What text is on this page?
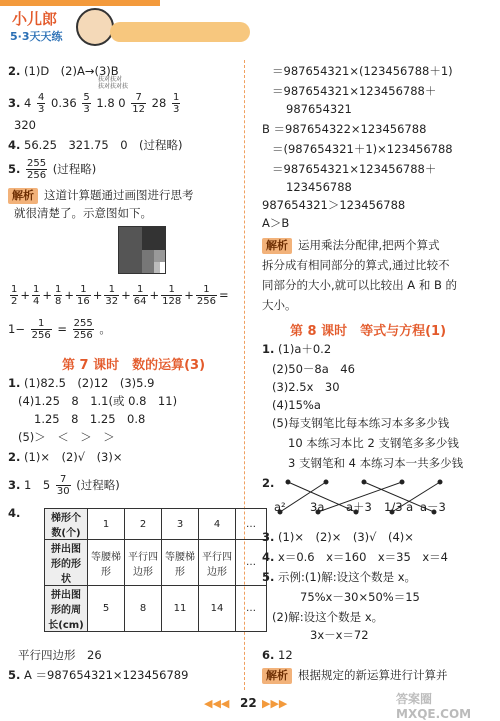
小儿郎
5·3天天练
2. (1)D　(2)A→(3)B
扶对扶对
扶对扶对扶
3. $4 \frac{4}{3} 0.36 \frac{5}{3} 1.8$ $0 \frac{7}{12} 28 \frac{1}{3}$
320
4. 56.25　321.75　0　(过程略)
5. $\frac{255}{256}$ (过程略)
解析 这道计算题通过画图进行思考
就很清楚了。示意图如下。
$\frac{1}{2} + \frac{1}{4} + \frac{1}{8} + \frac{1}{16} + \frac{1}{32} + \frac{1}{64} + \frac{1}{128} + \frac{1}{256}$ =
$1- \frac{1}{256} = \frac{255}{256}$ 。
第 7 课时　数的运算(3)
1. (1)82.5　(2)12　(3)5.9
(4)1.25　8　1.1(或 0.8　11)
1.25　8　1.25　0.8
(5)＞　＜　＞　＞
2. (1)×　(2)√　(3)×
3. 1　$5 \frac{7}{30}$ (过程略)
4.	梯形个数(个)	1	2	3	4	…
拼出图形的形状	等腰梯形	平行四边形	等腰梯形	平行四边形	…
拼出图形的周长(cm)	5	8	11	14	…
平行四边形　26
5. A ＝987654321×123456789
＝987654321×(123456788＋1)
＝987654321×123456788＋
987654321
B ＝987654322×123456788
＝(987654321＋1)×123456788
＝987654321×123456788＋
123456788
987654321＞123456788
A＞B
解析 运用乘法分配律,把两个算式
拆分成有相同部分的算式,通过比较不
同部分的大小,就可以比较出 A 和 B 的
大小。
第 8 课时　等式与方程(1)
1. (1)a＋0.2
(2)50－8a　46
(3)2.5x　30
(4)15%a
(5)每支钢笔比每本练习本多多少钱
10 本练习本比 2 支钢笔多多少钱
3 支钢笔和 4 本练习本一共多少钱
2.
a² 3a a＋3 1/3 a a－3
3. (1)×　(2)×　(3)√　(4)×
4. x＝0.6　x＝160　x＝35　x＝4
5. 示例:(1)解:设这个数是 x。
75%x－30×50%＝15
(2)解:设这个数是 x。
3x－x＝72
6. 12
解析 根据规定的新运算进行计算并
◀◀◀ 22 ▶▶▶	答案圈 MXQE.COM
